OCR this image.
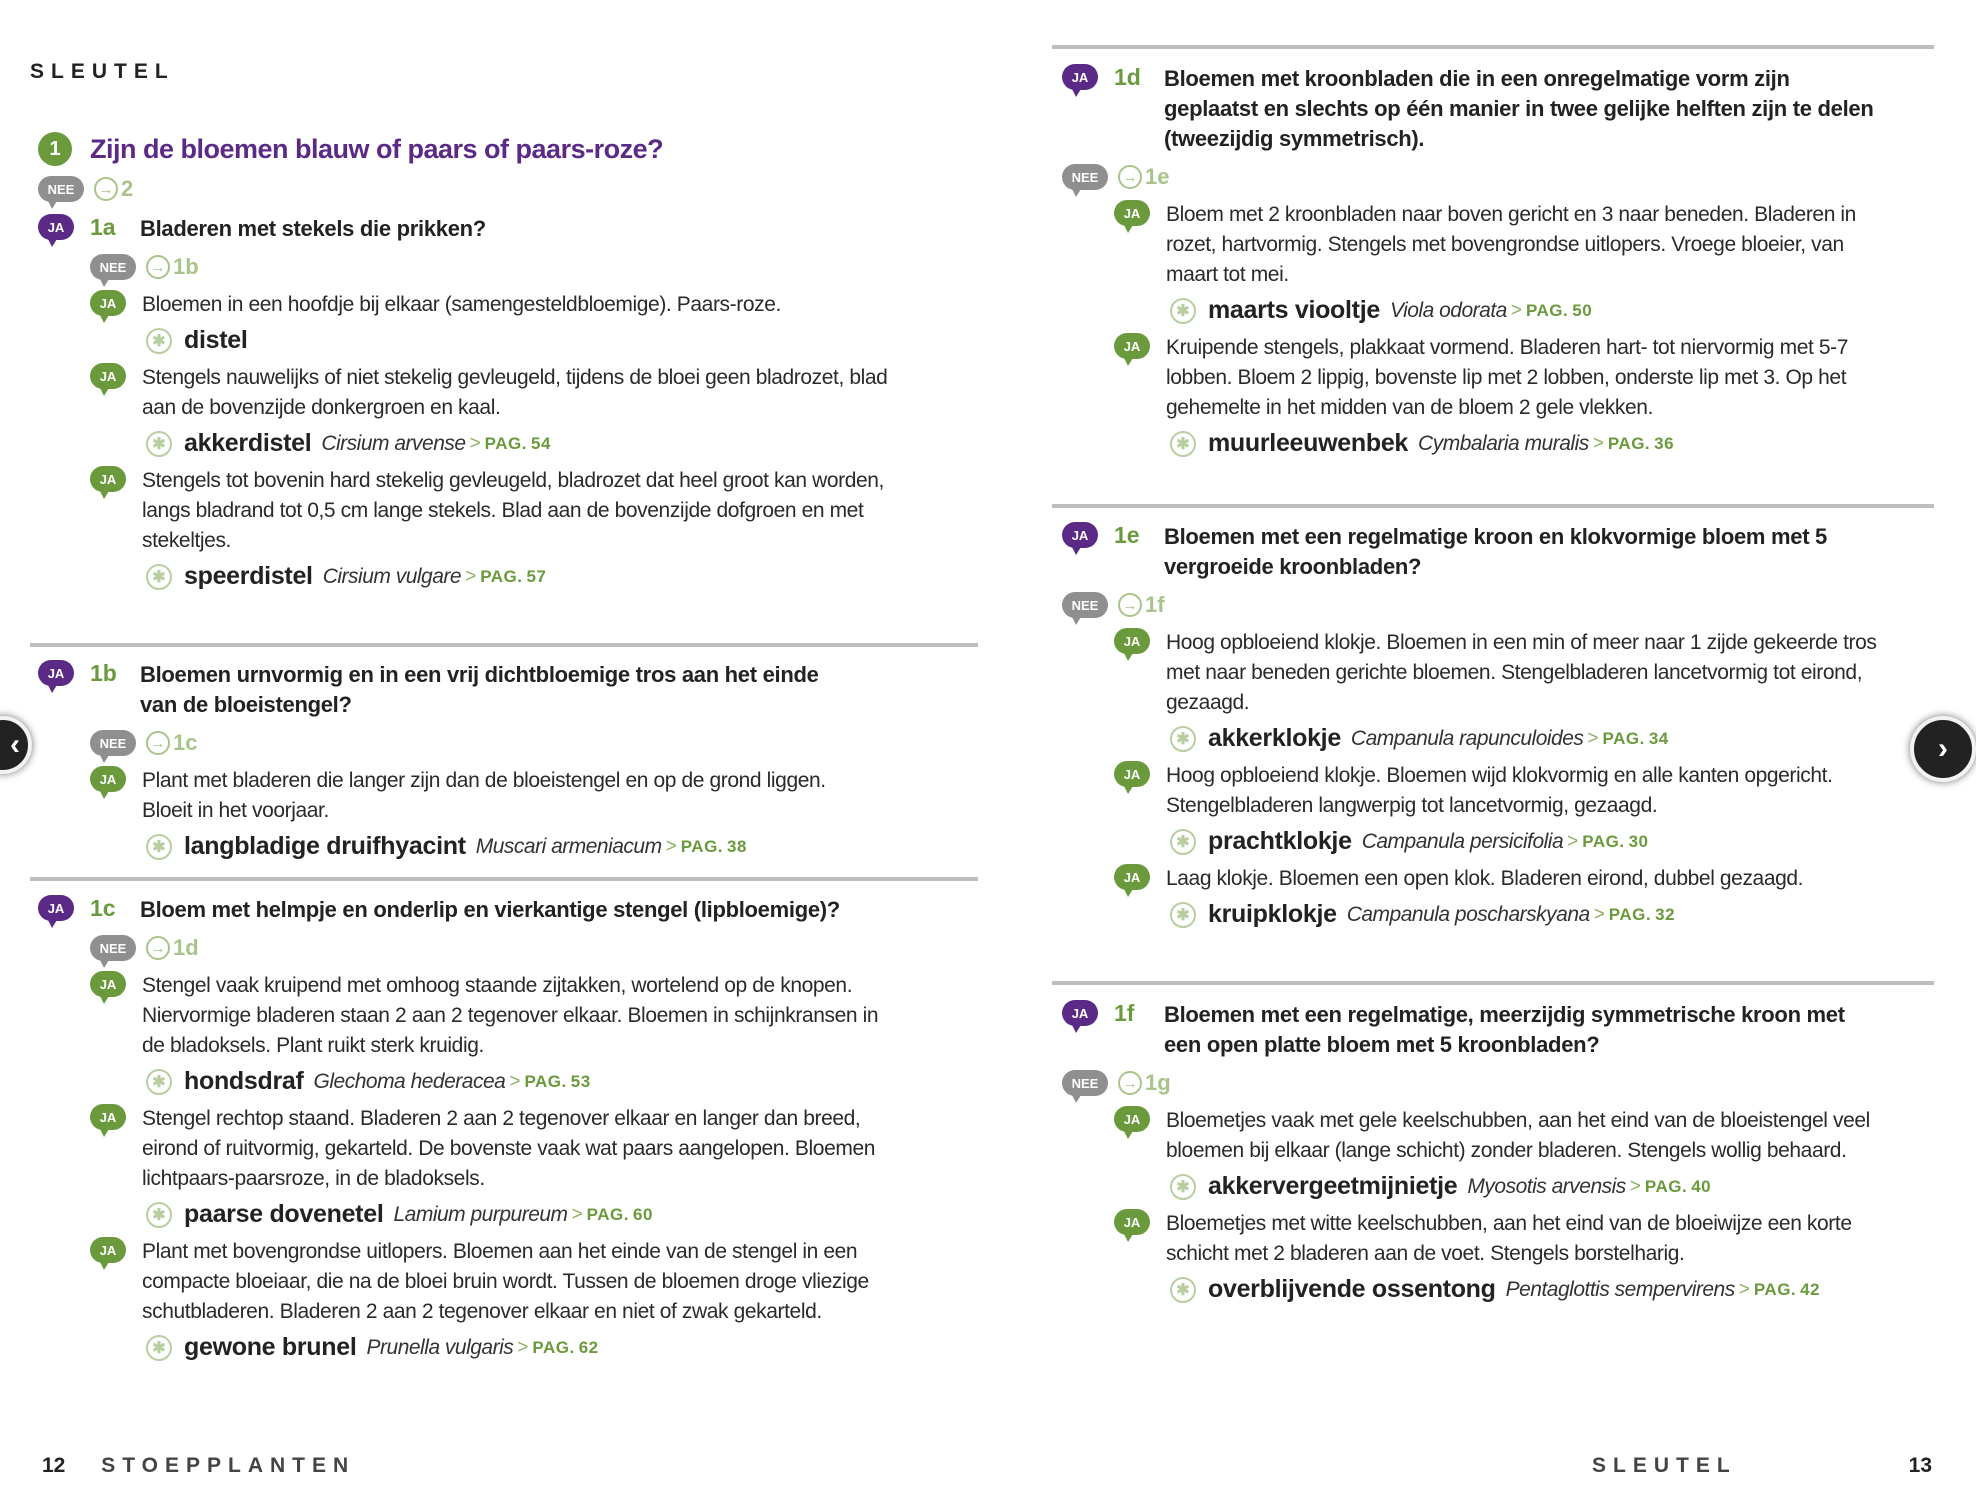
SLEUTEL
1	Zijn de bloemen blauw of paars of paars-roze?
NEE	→ 2
JA	1a	Bladeren met stekels die prikken?
NEE	→ 1b
JA	Bloemen in een hoofdje bij elkaar (samengesteldbloemige). Paars-roze.
✱ distel
JA	Stengels nauwelijks of niet stekelig gevleugeld, tijdens de bloei geen bladrozet, blad aan de bovenzijde donkergroen en kaal.
✱ akkerdistel Cirsium arvense > PAG. 54
JA	Stengels tot bovenin hard stekelig gevleugeld, bladrozet dat heel groot kan worden, langs bladrand tot 0,5 cm lange stekels. Blad aan de bovenzijde dofgroen en met stekeltjes.
✱ speerdistel Cirsium vulgare > PAG. 57
JA	1b	Bloemen urnvormig en in een vrij dichtbloemige tros aan het einde van de bloeistengel?
NEE	→ 1c
JA	Plant met bladeren die langer zijn dan de bloeistengel en op de grond liggen. Bloeit in het voorjaar.
✱ langbladige druifhyacint Muscari armeniacum > PAG. 38
JA	1c	Bloem met helmpje en onderlip en vierkantige stengel (lipbloemige)?
NEE	→ 1d
JA	Stengel vaak kruipend met omhoog staande zijtakken, wortelend op de knopen. Niervormige bladeren staan 2 aan 2 tegenover elkaar. Bloemen in schijnkransen in de bladoksels. Plant ruikt sterk kruidig.
✱ hondsdraf Glechoma hederacea > PAG. 53
JA	Stengel rechtop staand. Bladeren 2 aan 2 tegenover elkaar en langer dan breed, eirond of ruitvormig, gekarteld. De bovenste vaak wat paars aangelopen. Bloemen lichtpaars-paarsroze, in de bladoksels.
✱ paarse dovenetel Lamium purpureum > PAG. 60
JA	Plant met bovengrondse uitlopers. Bloemen aan het einde van de stengel in een compacte bloeiaar, die na de bloei bruin wordt. Tussen de bloemen droge vliezige schutbladeren. Bladeren 2 aan 2 tegenover elkaar en niet of zwak gekarteld.
✱ gewone brunel Prunella vulgaris > PAG. 62
12 STOEPPLANTEN
JA	1d	Bloemen met kroonbladen die in een onregelmatige vorm zijn geplaatst en slechts op één manier in twee gelijke helften zijn te delen (tweezijdig symmetrisch).
NEE	→ 1e
JA	Bloem met 2 kroonbladen naar boven gericht en 3 naar beneden. Bladeren in rozet, hartvormig. Stengels met bovengrondse uitlopers. Vroege bloeier, van maart tot mei.
✱ maarts viooltje Viola odorata > PAG. 50
JA	Kruipende stengels, plakkaat vormend. Bladeren hart- tot niervormig met 5-7 lobben. Bloem 2 lippig, bovenste lip met 2 lobben, onderste lip met 3. Op het gehemelte in het midden van de bloem 2 gele vlekken.
✱ muurleeuwenbek Cymbalaria muralis > PAG. 36
JA	1e	Bloemen met een regelmatige kroon en klokvormige bloem met 5 vergroeide kroonbladen?
NEE	→ 1f
JA	Hoog opbloeiend klokje. Bloemen in een min of meer naar 1 zijde gekeerde tros met naar beneden gerichte bloemen. Stengelbladeren lancetvormig tot eirond, gezaagd.
✱ akkerklokje Campanula rapunculoides > PAG. 34
JA	Hoog opbloeiend klokje. Bloemen wijd klokvormig en alle kanten opgericht. Stengelbladeren langwerpig tot lancetvormig, gezaagd.
✱ prachtklokje Campanula persicifolia > PAG. 30
JA	Laag klokje. Bloemen een open klok. Bladeren eirond, dubbel gezaagd.
✱ kruipklokje Campanula poscharskyana > PAG. 32
JA	1f	Bloemen met een regelmatige, meerzijdig symmetrische kroon met een open platte bloem met 5 kroonbladen?
NEE	→ 1g
JA	Bloemetjes vaak met gele keelschubben, aan het eind van de bloeistengel veel bloemen bij elkaar (lange schicht) zonder bladeren. Stengels wollig behaard.
✱ akkervergeetmijnietje Myosotis arvensis > PAG. 40
JA	Bloemetjes met witte keelschubben, aan het eind van de bloeiwijze een korte schicht met 2 bladeren aan de voet. Stengels borstelharig.
✱ overblijvende ossentong Pentaglottis sempervirens > PAG. 42
SLEUTEL	13
‹	›
